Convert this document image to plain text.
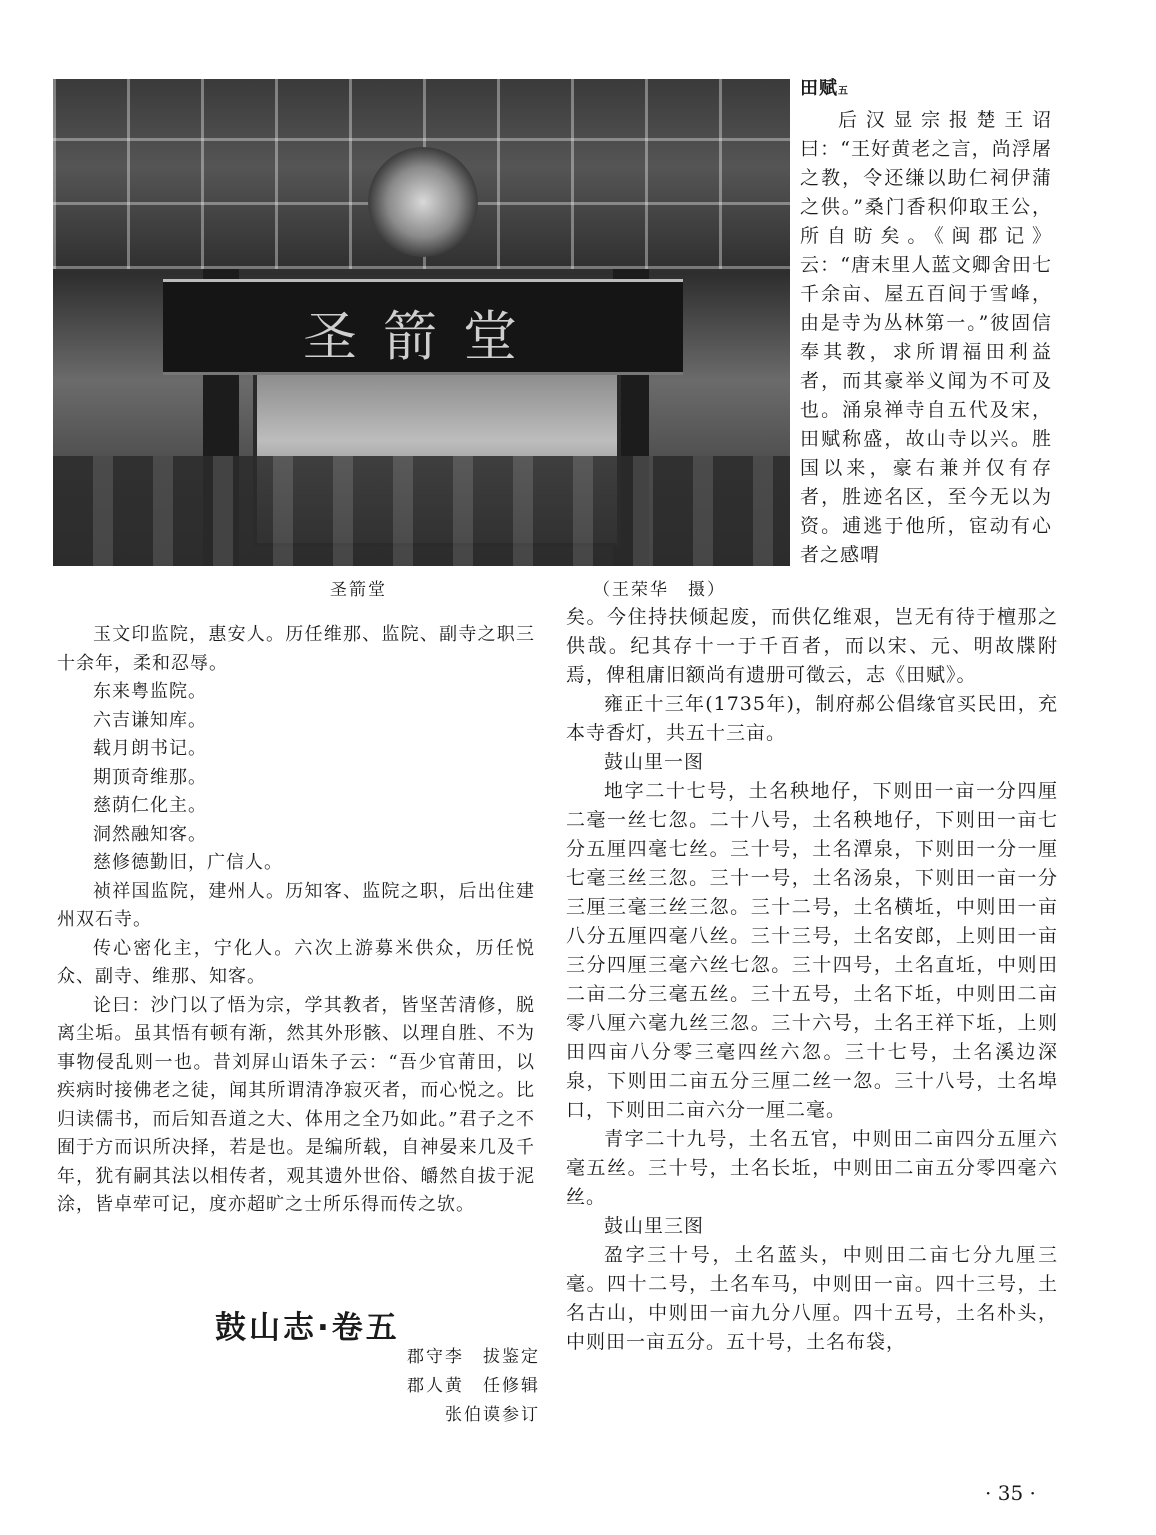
圣箭堂
圣箭堂	（王荣华　摄）

田赋五

后汉显宗报楚王诏曰：“王好黄老之言，尚浮屠之教，令还缣以助仁祠伊蒲之供。”桑门香积仰取王公，所自昉矣。《闽郡记》云：“唐末里人蓝文卿舍田七千余亩、屋五百间于雪峰，由是寺为丛林第一。”彼固信奉其教，求所谓福田利益者，而其豪举义闻为不可及也。涌泉禅寺自五代及宋，田赋称盛，故山寺以兴。胜国以来，豪右兼并仅有存者，胜迹名区，至今无以为资。逋逃于他所，宦动有心者之感喟

矣。今住持扶倾起废，而供亿维艰，岂无有待于檀那之供哉。纪其存十一于千百者，而以宋、元、明故牒附焉，俾租庸旧额尚有遗册可徵云，志《田赋》。

雍正十三年(1735年)，制府郝公倡缘官买民田，充本寺香灯，共五十三亩。

鼓山里一图

地字二十七号，土名秧地仔，下则田一亩一分四厘二毫一丝七忽。二十八号，土名秧地仔，下则田一亩七分五厘四毫七丝。三十号，土名潭泉，下则田一分一厘七毫三丝三忽。三十一号，土名汤泉，下则田一亩一分三厘三毫三丝三忽。三十二号，土名横坵，中则田一亩八分五厘四毫八丝。三十三号，土名安郎，上则田一亩三分四厘三毫六丝七忽。三十四号，土名直坵，中则田二亩二分三毫五丝。三十五号，土名下坵，中则田二亩零八厘六毫九丝三忽。三十六号，土名王祥下坵，上则田四亩八分零三毫四丝六忽。三十七号，土名溪边深泉，下则田二亩五分三厘二丝一忽。三十八号，土名埠口，下则田二亩六分一厘二毫。

青字二十九号，土名五官，中则田二亩四分五厘六毫五丝。三十号，土名长坵，中则田二亩五分零四毫六丝。

鼓山里三图

盈字三十号，土名蓝头，中则田二亩七分九厘三毫。四十二号，土名车马，中则田一亩。四十三号，土名古山，中则田一亩九分八厘。四十五号，土名朴头，中则田一亩五分。五十号，土名布袋，

玉文印监院，惠安人。历任维那、监院、副寺之职三十余年，柔和忍辱。

东来粤监院。

六吉谦知库。

载月朗书记。

期顶奇维那。

慈荫仁化主。

洞然融知客。

慈修德勤旧，广信人。

祯祥国监院，建州人。历知客、监院之职，后出住建州双石寺。

传心密化主，宁化人。六次上游募米供众，历任悦众、副寺、维那、知客。

论曰：沙门以了悟为宗，学其教者，皆坚苦清修，脱离尘垢。虽其悟有顿有渐，然其外形骸、以理自胜、不为事物侵乱则一也。昔刘屏山语朱子云：“吾少官莆田，以疾病时接佛老之徒，闻其所谓清净寂灭者，而心悦之。比归读儒书，而后知吾道之大、体用之全乃如此。”君子之不囿于方而识所决择，若是也。是编所载，自神晏来几及千年，犹有嗣其法以相传者，观其遗外世俗、皭然自拔于泥涂，皆卓荦可记，度亦超旷之士所乐得而传之欤。

鼓山志·卷五
郡守李　拔鉴定
郡人黄　任修辑
张伯谟参订
· 35 ·
